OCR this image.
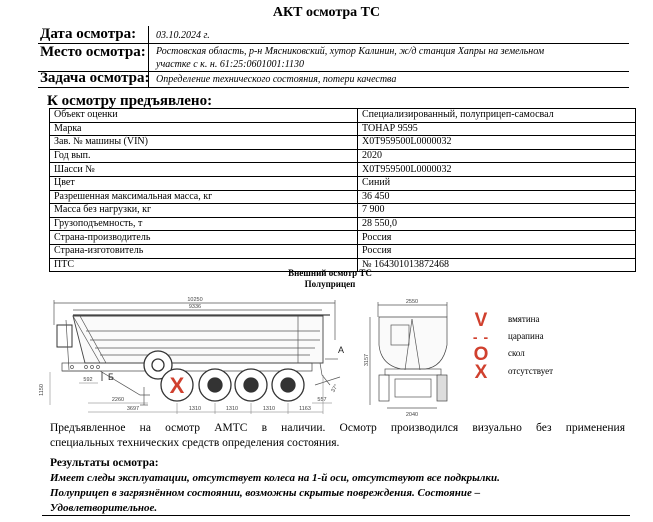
АКТ осмотра ТС
Дата осмотра: 03.10.2024 г.
Место осмотра: Ростовская область, р-н Мясниковский, хутор Калинин, ж/д станция Хапры на земельном
участке с к. н. 61:25:0601001:1130
Задача осмотра: Определение технического состояния, потери качества
К осмотру предъявлено:
Объект оценки	Специализированный, полуприцеп-самосвал
Марка	ТОНАР 9595
Зав. № машины (VIN)	X0T959500L0000032
Год вып.	2020
Шасси №	X0T959500L0000032
Цвет	Синий
Разрешенная максимальная масса, кг	36 450
Масса без нагрузки, кг	7 900
Грузоподъемность, т	28 550,0
Страна-производитель	Россия
Страна-изготовитель	Россия
ПТС	№ 164301013872468
Внешний осмотр ТС
Полуприцеп
А
X
10250
9336
1150
592
2260
3697	1310	1310	1310	1163
557
37°
Б
2550
3157
2040
V	вмятина
- -	царапина
O	скол
X	отсутствует
Предъявленное на осмотр АМТС в наличии. Осмотр производился визуально без применения
специальных технических средств определения состояния.
Результаты осмотра:
Имеет следы эксплуатации, отсутствует колеса на 1-й оси, отсутствуют все подкрылки.
Полуприцеп в загрязнённом состоянии, возможны скрытые повреждения. Состояние –
Удовлетворительное.
